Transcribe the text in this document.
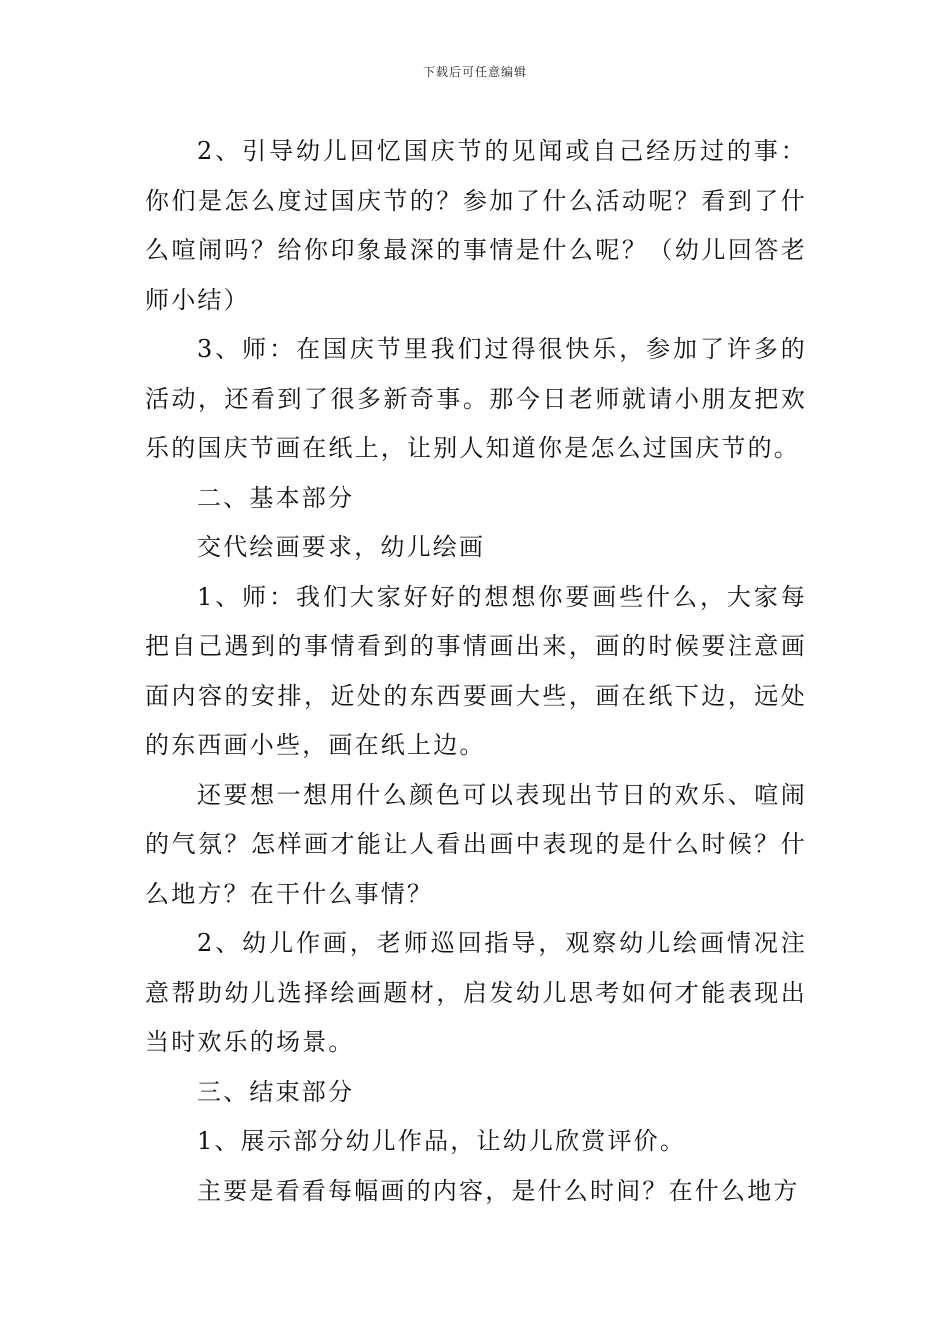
下载后可任意编辑

2、引导幼儿回忆国庆节的见闻或自己经历过的事：你们是怎么度过国庆节的？参加了什么活动呢？看到了什么喧闹吗？给你印象最深的事情是什么呢？（幼儿回答老师小结）

3、师：在国庆节里我们过得很快乐，参加了许多的活动，还看到了很多新奇事。那今日老师就请小朋友把欢乐的国庆节画在纸上，让别人知道你是怎么过国庆节的。

二、基本部分

交代绘画要求，幼儿绘画

1、师：我们大家好好的想想你要画些什么，大家每把自己遇到的事情看到的事情画出来，画的时候要注意画面内容的安排，近处的东西要画大些，画在纸下边，远处的东西画小些，画在纸上边。

还要想一想用什么颜色可以表现出节日的欢乐、喧闹的气氛？怎样画才能让人看出画中表现的是什么时候？什么地方？在干什么事情？

2、幼儿作画，老师巡回指导，观察幼儿绘画情况注意帮助幼儿选择绘画题材，启发幼儿思考如何才能表现出当时欢乐的场景。

三、结束部分

1、展示部分幼儿作品，让幼儿欣赏评价。

主要是看看每幅画的内容，是什么时间？在什么地方
